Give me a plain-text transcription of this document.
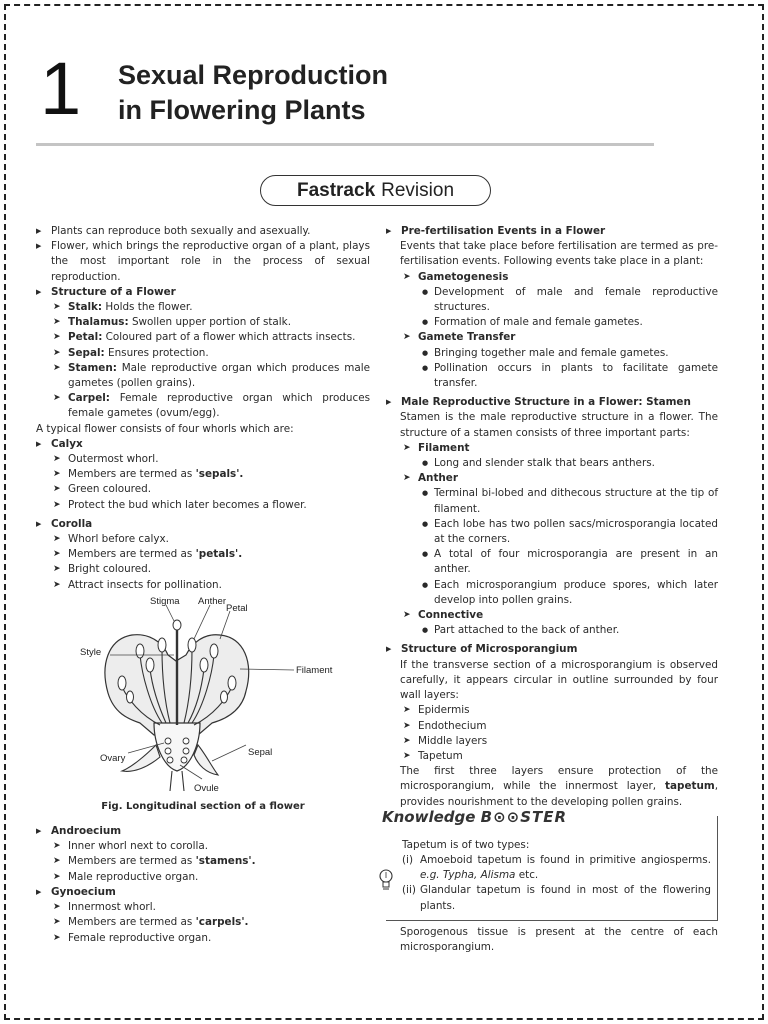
1 Sexual Reproduction
in Flowering Plants
Fastrack Revision
▶ Plants can reproduce both sexually and asexually.
▶ Flower, which brings the reproductive organ of a plant, plays the most important role in the process of sexual reproduction.
▶ Structure of a Flower
➤ Stalk: Holds the flower.
➤ Thalamus: Swollen upper portion of stalk.
➤ Petal: Coloured part of a flower which attracts insects.
➤ Sepal: Ensures protection.
➤ Stamen: Male reproductive organ which produces male gametes (pollen grains).
➤ Carpel: Female reproductive organ which produces female gametes (ovum/egg).
A typical flower consists of four whorls which are:
▶ Calyx
➤ Outermost whorl.
➤ Members are termed as 'sepals'.
➤ Green coloured.
➤ Protect the bud which later becomes a flower.
▶ Corolla
➤ Whorl before calyx.
➤ Members are termed as 'petals'.
➤ Bright coloured.
➤ Attract insects for pollination.
Stigma Anther
Petal
Style
Filament
Ovary
Sepal
Ovule
Fig. Longitudinal section of a flower
▶ Androecium
➤ Inner whorl next to corolla.
➤ Members are termed as 'stamens'.
➤ Male reproductive organ.
▶ Gynoecium
➤ Innermost whorl.
➤ Members are termed as 'carpels'.
➤ Female reproductive organ.
▶ Pre-fertilisation Events in a Flower
Events that take place before fertilisation are termed as pre-fertilisation events. Following events take place in a plant:
➤ Gametogenesis
● Development of male and female reproductive structures.
● Formation of male and female gametes.
➤ Gamete Transfer
● Bringing together male and female gametes.
● Pollination occurs in plants to facilitate gamete transfer.
▶ Male Reproductive Structure in a Flower: Stamen
Stamen is the male reproductive structure in a flower. The structure of a stamen consists of three important parts:
➤ Filament
● Long and slender stalk that bears anthers.
➤ Anther
● Terminal bi-lobed and dithecous structure at the tip of filament.
● Each lobe has two pollen sacs/microsporangia located at the corners.
● A total of four microsporangia are present in an anther.
● Each microsporangium produce spores, which later develop into pollen grains.
➤ Connective
● Part attached to the back of anther.
▶ Structure of Microsporangium
If the transverse section of a microsporangium is observed carefully, it appears circular in outline surrounded by four wall layers:
➤ Epidermis
➤ Endothecium
➤ Middle layers
➤ Tapetum
The first three layers ensure protection of the microsporangium, while the innermost layer, tapetum, provides nourishment to the developing pollen grains.
Knowledge B⊙⊙STER
Tapetum is of two types:
(i) Amoeboid tapetum is found in primitive angiosperms. e.g. Typha, Alisma etc.
(ii) Glandular tapetum is found in most of the flowering plants.
Sporogenous tissue is present at the centre of each microsporangium.
